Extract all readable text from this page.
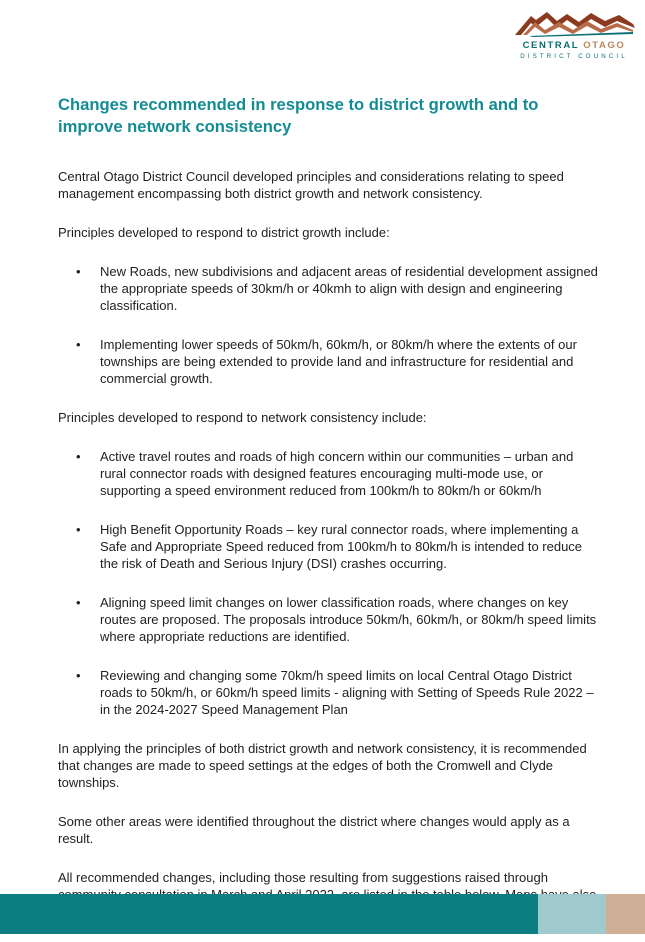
CENTRAL OTAGO
DISTRICT COUNCIL
Changes recommended in response to district growth and to improve network consistency

Central Otago District Council developed principles and considerations relating to speed management encompassing both district growth and network consistency.

Principles developed to respond to district growth include:

• New Roads, new subdivisions and adjacent areas of residential development assigned the appropriate speeds of 30km/h or 40kmh to align with design and engineering classification.
• Implementing lower speeds of 50km/h, 60km/h, or 80km/h where the extents of our townships are being extended to provide land and infrastructure for residential and commercial growth.

Principles developed to respond to network consistency include:

• Active travel routes and roads of high concern within our communities – urban and rural connector roads with designed features encouraging multi-mode use, or supporting a speed environment reduced from 100km/h to 80km/h or 60km/h
• High Benefit Opportunity Roads – key rural connector roads, where implementing a Safe and Appropriate Speed reduced from 100km/h to 80km/h is intended to reduce the risk of Death and Serious Injury (DSI) crashes occurring.
• Aligning speed limit changes on lower classification roads, where changes on key routes are proposed. The proposals introduce 50km/h, 60km/h, or 80km/h speed limits where appropriate reductions are identified.
• Reviewing and changing some 70km/h speed limits on local Central Otago District roads to 50km/h, or 60km/h speed limits - aligning with Setting of Speeds Rule 2022 – in the 2024-2027 Speed Management Plan

In applying the principles of both district growth and network consistency, it is recommended that changes are made to speed settings at the edges of both the Cromwell and Clyde townships.

Some other areas were identified throughout the district where changes would apply as a result.

All recommended changes, including those resulting from suggestions raised through
